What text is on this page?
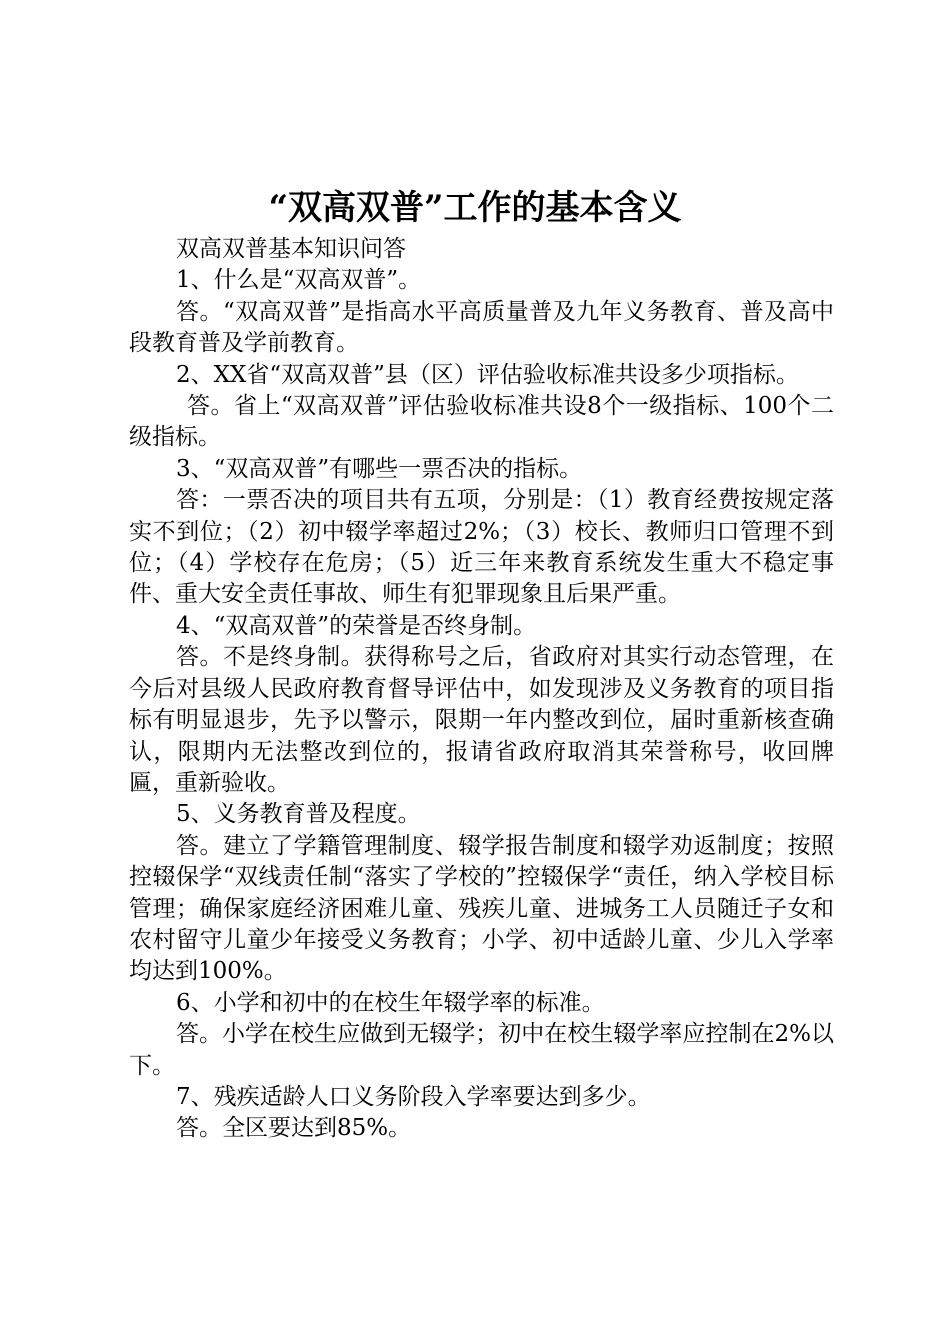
“双高双普”工作的基本含义

双高双普基本知识问答

1、什么是“双高双普”。

答。“双高双普”是指高水平高质量普及九年义务教育、普及高中段教育普及学前教育。

2、XX省“双高双普”县（区）评估验收标准共设多少项指标。

答。省上“双高双普”评估验收标准共设8个一级指标、100个二级指标。

3、“双高双普”有哪些一票否决的指标。

答：一票否决的项目共有五项，分别是：（1）教育经费按规定落实不到位；（2）初中辍学率超过2%；（3）校长、教师归口管理不到位；（4）学校存在危房；（5）近三年来教育系统发生重大不稳定事件、重大安全责任事故、师生有犯罪现象且后果严重。

4、“双高双普”的荣誉是否终身制。

答。不是终身制。获得称号之后，省政府对其实行动态管理，在今后对县级人民政府教育督导评估中，如发现涉及义务教育的项目指标有明显退步，先予以警示，限期一年内整改到位，届时重新核查确认，限期内无法整改到位的，报请省政府取消其荣誉称号，收回牌匾，重新验收。

5、义务教育普及程度。

答。建立了学籍管理制度、辍学报告制度和辍学劝返制度；按照控辍保学“双线责任制“落实了学校的”控辍保学“责任，纳入学校目标管理；确保家庭经济困难儿童、残疾儿童、进城务工人员随迁子女和农村留守儿童少年接受义务教育；小学、初中适龄儿童、少儿入学率均达到100%。

6、小学和初中的在校生年辍学率的标准。

答。小学在校生应做到无辍学；初中在校生辍学率应控制在2%以下。

7、残疾适龄人口义务阶段入学率要达到多少。

答。全区要达到85%。
